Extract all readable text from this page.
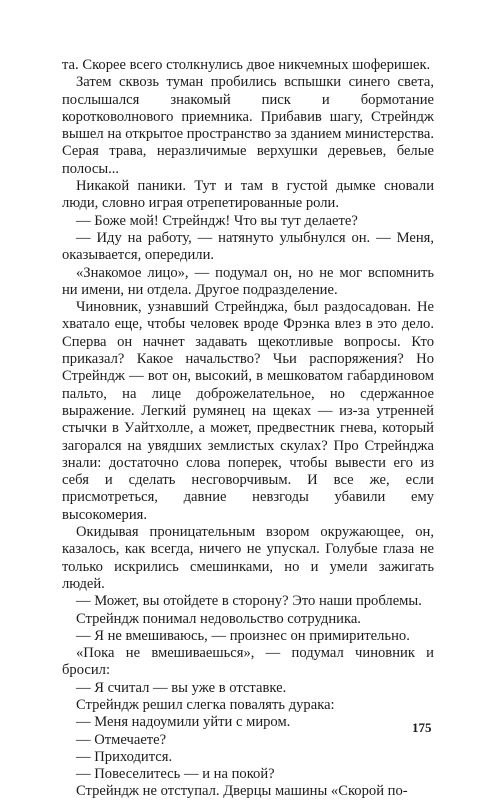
та. Скорее всего столкнулись двое никчемных шоферишек.

Затем сквозь туман пробились вспышки синего света, послышался знакомый писк и бормотание коротковолнового приемника. Прибавив шагу, Стрейндж вышел на открытое пространство за зданием министерства. Серая трава, неразличимые верхушки деревьев, белые полосы...

Никакой паники. Тут и там в густой дымке сновали люди, словно играя отрепетированные роли.

— Боже мой! Стрейндж! Что вы тут делаете?

— Иду на работу, — натянуто улыбнулся он. — Меня, оказывается, опередили.

«Знакомое лицо», — подумал он, но не мог вспомнить ни имени, ни отдела. Другое подразделение.

Чиновник, узнавший Стрейнджа, был раздосадован. Не хватало еще, чтобы человек вроде Фрэнка влез в это дело. Сперва он начнет задавать щекотливые вопросы. Кто приказал? Какое начальство? Чьи распоряжения? Но Стрейндж — вот он, высокий, в мешковатом габардиновом пальто, на лице доброжелательное, но сдержанное выражение. Легкий румянец на щеках — из-за утренней стычки в Уайтхолле, а может, предвестник гнева, который загорался на увядших землистых скулах? Про Стрейнджа знали: достаточно слова поперек, чтобы вывести его из себя и сделать несговорчивым. И все же, если присмотреться, давние невзгоды убавили ему высокомерия.

Окидывая проницательным взором окружающее, он, казалось, как всегда, ничего не упускал. Голубые глаза не только искрились смешинками, но и умели зажигать людей.

— Может, вы отойдете в сторону? Это наши проблемы.

Стрейндж понимал недовольство сотрудника.

— Я не вмешиваюсь, — произнес он примирительно.

«Пока не вмешиваешься», — подумал чиновник и бросил:

— Я считал — вы уже в отставке.

Стрейндж решил слегка повалять дурака:

— Меня надоумили уйти с миром.

— Отмечаете?

— Приходится.

— Повеселитесь — и на покой?

Стрейндж не отступал. Дверцы машины «Скорой по-

175
